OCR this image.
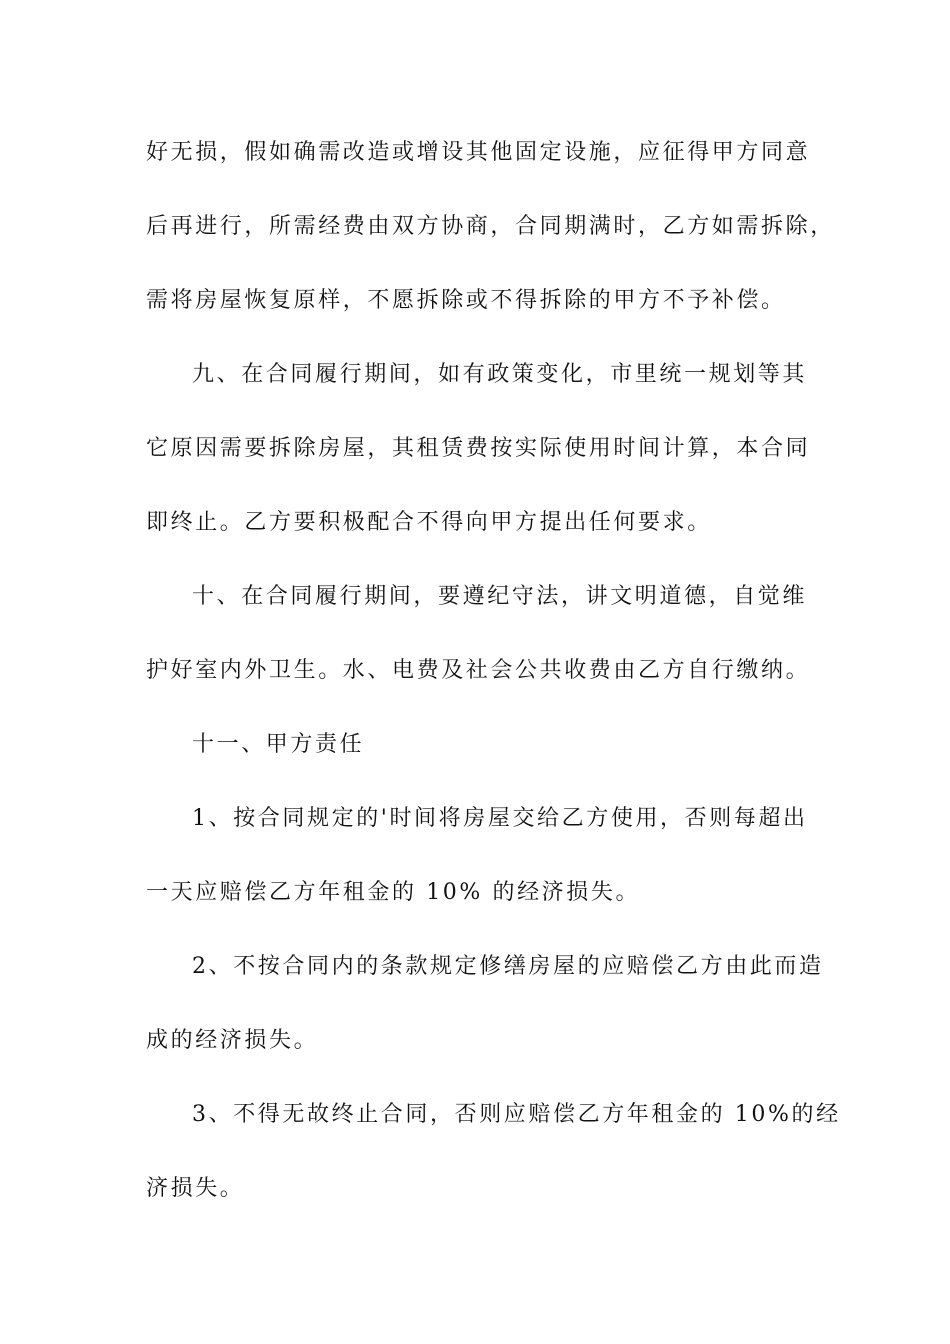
好无损，假如确需改造或增设其他固定设施，应征得甲方同意
后再进行，所需经费由双方协商，合同期满时，乙方如需拆除，
需将房屋恢复原样，不愿拆除或不得拆除的甲方不予补偿。
九、在合同履行期间，如有政策变化，市里统一规划等其
它原因需要拆除房屋，其租赁费按实际使用时间计算，本合同
即终止。乙方要积极配合不得向甲方提出任何要求。
十、在合同履行期间，要遵纪守法，讲文明道德，自觉维
护好室内外卫生。水、电费及社会公共收费由乙方自行缴纳。
十一、甲方责任
1、按合同规定的'时间将房屋交给乙方使用，否则每超出
一天应赔偿乙方年租金的 10% 的经济损失。
2、不按合同内的条款规定修缮房屋的应赔偿乙方由此而造
成的经济损失。
3、不得无故终止合同，否则应赔偿乙方年租金的 10%的经
济损失。
